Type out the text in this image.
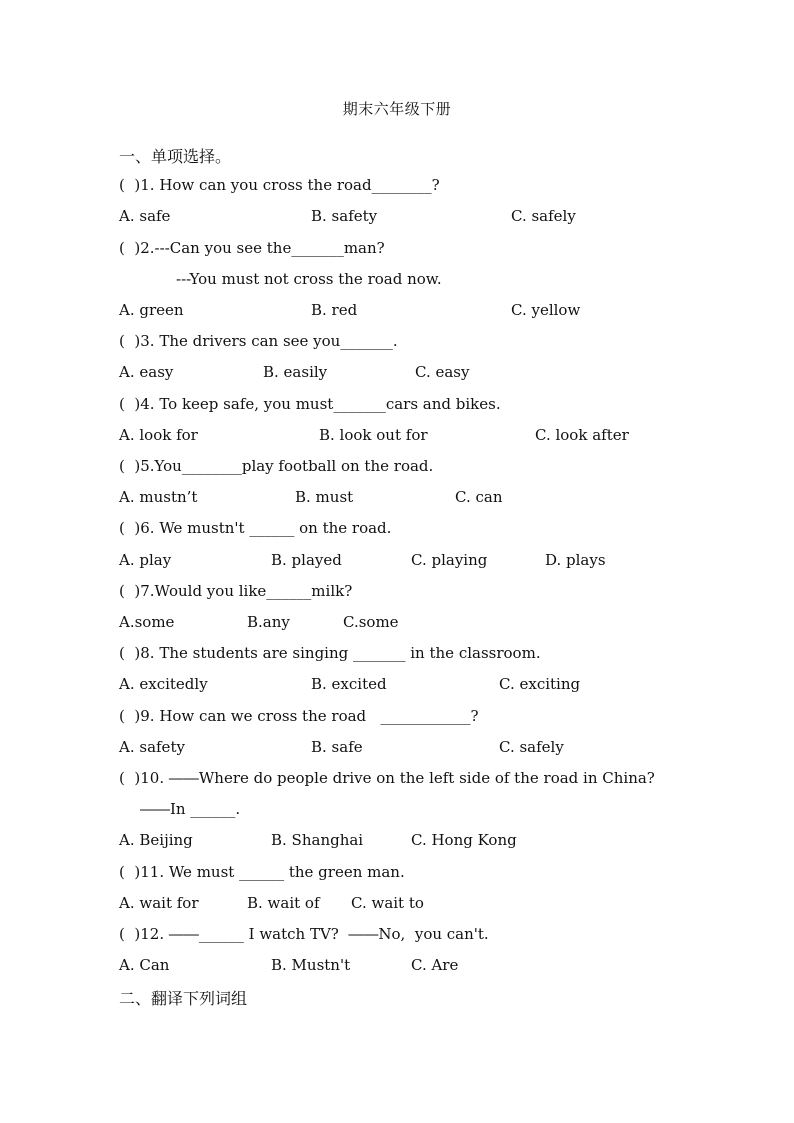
期末六年级下册
一、单项选择。
(  )1. How can you cross the road________?
A. safe	B. safety	C. safely
(  )2.---Can you see the_______man?
---You must not cross the road now.
A. green	B. red	C. yellow
(  )3. The drivers can see you_______.
A. easy	B. easily	C. easy
(  )4. To keep safe, you must_______cars and bikes.
A. look for	B. look out for	C. look after
(  )5.You________play football on the road.
A. mustn’t	B. must	C. can
(  )6. We mustn't ______ on the road.
A. play	B. played	C. playing	D. plays
(  )7.Would you like______milk?
A.some	B.any	C.some
(  )8. The students are singing _______ in the classroom.
A. excitedly	B. excited	C. exciting
(  )9. How can we cross the road   ____________?
A. safety	B. safe	C. safely
(  )10. ――Where do people drive on the left side of the road in China?
――In ______.
A. Beijing	B. Shanghai	C. Hong Kong
(  )11. We must ______ the green man.
A. wait for	B. wait of C. wait to
(  )12. ――______ I watch TV?  ――No,  you can't.
A. Can	B. Mustn't	C. Are
二、翻译下列词组
